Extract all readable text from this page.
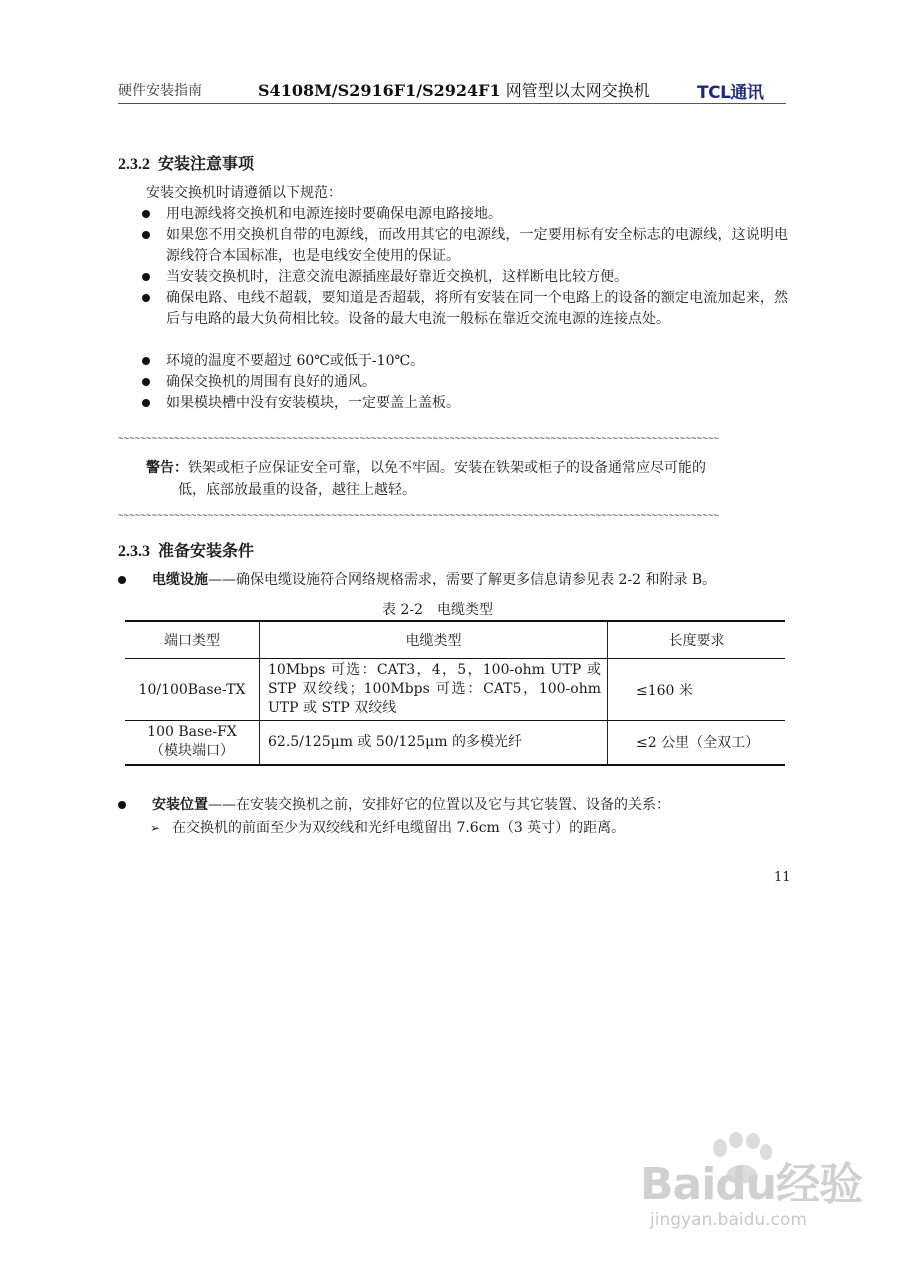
硬件安装指南	S4108M/S2916F1/S2924F1 网管型以太网交换机	TCL通讯
2.3.2 安装注意事项
安装交换机时请遵循以下规范：
用电源线将交换机和电源连接时要确保电源电路接地。
如果您不用交换机自带的电源线，而改用其它的电源线，一定要用标有安全标志的电源线，这说明电源线符合本国标准，也是电线安全使用的保证。
当安装交换机时，注意交流电源插座最好靠近交换机，这样断电比较方便。
确保电路、电线不超载，要知道是否超载，将所有安装在同一个电路上的设备的额定电流加起来，然后与电路的最大负荷相比较。设备的最大电流一般标在靠近交流电源的连接点处。
环境的温度不要超过 60℃或低于-10℃。
确保交换机的周围有良好的通风。
如果模块槽中没有安装模块，一定要盖上盖板。
~~~~~~~~~~~~~~~~~~~~~~~~~~~~~~~~~~~~~~~~~~~~~~~~~~~~~~~~~~~~~~~~~~~~~~~~~~~~~~~~~~~~~~~~~~~~~~~~~~~~~~~~~~~
警告：铁架或柜子应保证安全可靠，以免不牢固。安装在铁架或柜子的设备通常应尽可能的
低，底部放最重的设备，越往上越轻。
~~~~~~~~~~~~~~~~~~~~~~~~~~~~~~~~~~~~~~~~~~~~~~~~~~~~~~~~~~~~~~~~~~~~~~~~~~~~~~~~~~~~~~~~~~~~~~~~~~~~~~~~~~~
2.3.3 准备安装条件
电缆设施——确保电缆设施符合网络规格需求，需要了解更多信息请参见表 2-2 和附录 B。
表 2-2　电缆类型
端口类型	电缆类型	长度要求
10/100Base-TX	10Mbps 可选：CAT3，4，5，100-ohm UTP 或 STP 双绞线；100Mbps 可选：CAT5，100-ohm UTP 或 STP 双绞线	≤160 米

100 Base-FX
（模块端口）	62.5/125μm 或 50/125μm 的多模光纤	≤2 公里（全双工）
安装位置——在安装交换机之前，安排好它的位置以及它与其它装置、设备的关系：
➢ 在交换机的前面至少为双绞线和光纤电缆留出 7.6cm（3 英寸）的距离。
11
Baidu经验
jingyan.baidu.com
